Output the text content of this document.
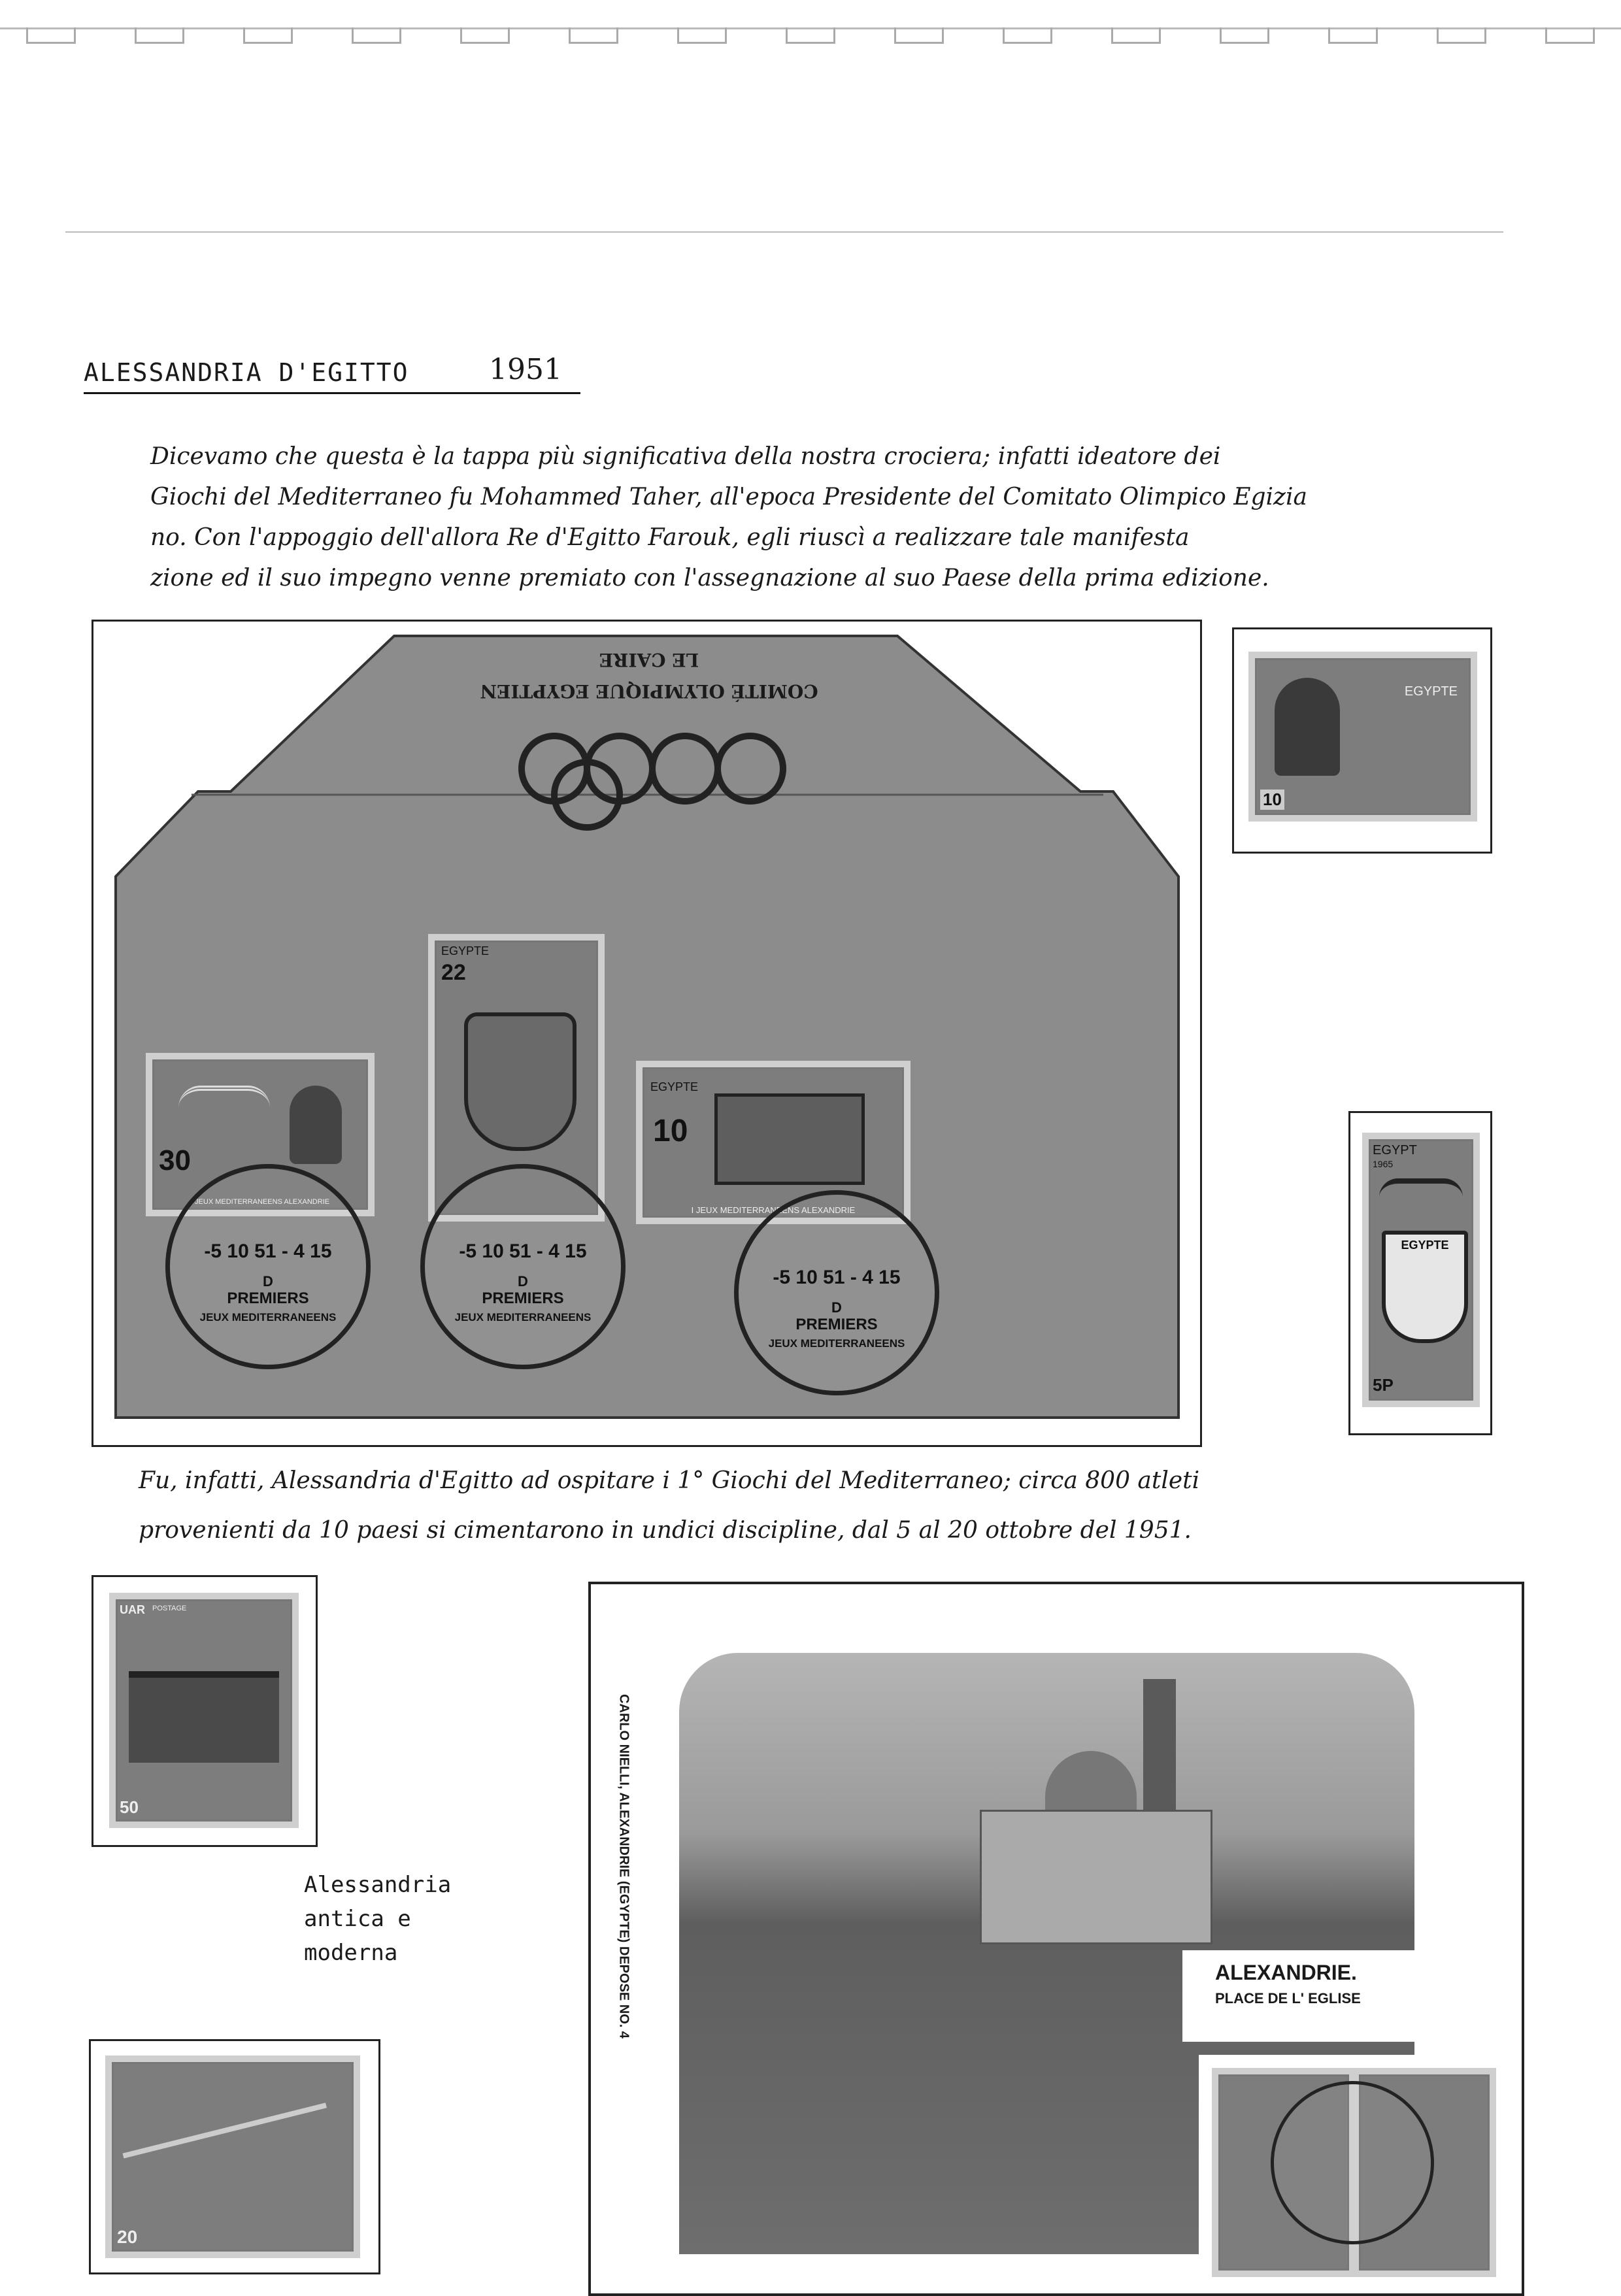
ALESSANDRIA D'EGITTO	1951
Dicevamo che questa è la tappa più significativa della nostra crociera; infatti ideatore dei
Giochi del Mediterraneo fu Mohammed Taher, all'epoca Presidente del Comitato Olimpico Egizia
no. Con l'appoggio dell'allora Re d'Egitto Farouk, egli riuscì a realizzare tale manifesta
zione ed il suo impegno venne premiato con l'assegnazione al suo Paese della prima edizione.
COMITÉ OLYMPIQUE EGYPTIEN
LE CAIRE
30
I JEUX MEDITERRANEENS ALEXANDRIE
EGYPTE
22
EGYPTE
10
I JEUX MEDITERRANEENS ALEXANDRIE
-5 10 51 - 4 15
D
PREMIERS
JEUX MEDITERRANEENS
-5 10 51 - 4 15
D
PREMIERS
JEUX MEDITERRANEENS
-5 10 51 - 4 15
D
PREMIERS
JEUX MEDITERRANEENS
EGYPTE
10
EGYPT
1965
EGYPTE
5P
Fu, infatti, Alessandria d'Egitto ad ospitare i 1° Giochi del Mediterraneo; circa 800 atleti
provenienti da 10 paesi si cimentarono in undici discipline, dal 5 al 20 ottobre del 1951.
UAR POSTAGE
50
Alessandria
antica e
moderna
20
CARLO NIELLI, ALEXANDRIE (EGYPTE) DEPOSE NO. 4	ALEXANDRIE.
PLACE DE L' EGLISE
